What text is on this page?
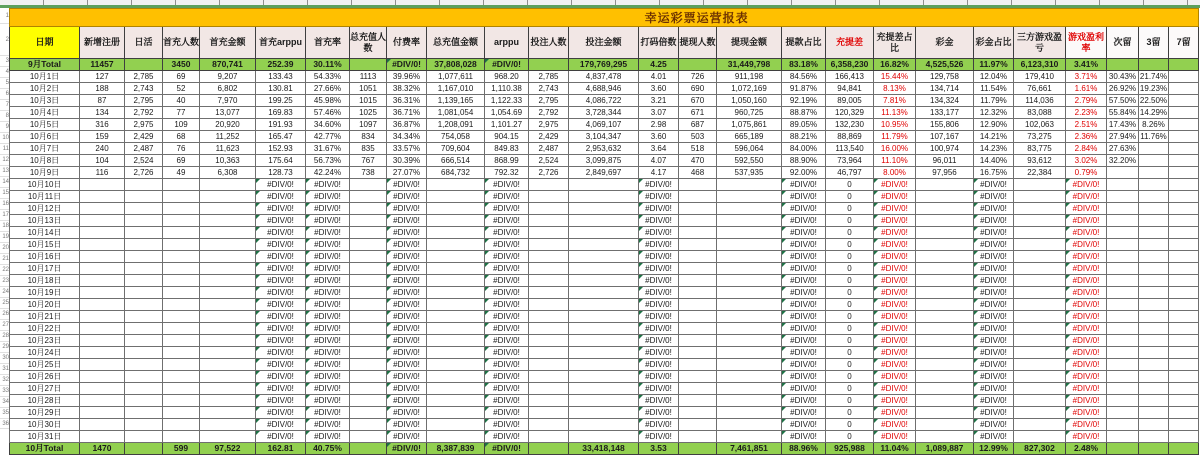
1
2
3
4
5
6
7
8
9
10
11
12
13
14
15
16
17
18
19
20
21
22
23
24
25
26
27
28
29
30
31
32
33
34
35
36
幸运彩票运营报表																									
日期	新增注册	日活	首充人数	首充金额	首充arppu	首充率	总充值人数	付费率	总充值金额	arppu	投注人数	投注金额	打码倍数	提现人数	提现金额	提款占比	充提差	充提差占比	彩金	彩金占比	三方游戏盈亏	游戏盈利率	次留	3留	7留
9月Total	11457		3450	870,741	252.39	30.11%		#DIV/0!	37,808,028	#DIV/0!		179,769,295	4.25		31,449,798	83.18%	6,358,230	16.82%	4,525,526	11.97%	6,123,310	3.41%			
10月1日	127	2,785	69	9,207	133.43	54.33%	1113	39.96%	1,077,611	968.20	2,785	4,837,478	4.01	726	911,198	84.56%	166,413	15.44%	129,758	12.04%	179,410	3.71%	30.43%	21.74%	
10月2日	188	2,743	52	6,802	130.81	27.66%	1051	38.32%	1,167,010	1,110.38	2,743	4,688,946	3.60	690	1,072,169	91.87%	94,841	8.13%	134,714	11.54%	76,661	1.61%	26.92%	19.23%	
10月3日	87	2,795	40	7,970	199.25	45.98%	1015	36.31%	1,139,165	1,122.33	2,795	4,086,722	3.21	670	1,050,160	92.19%	89,005	7.81%	134,324	11.79%	114,036	2.79%	57.50%	22.50%	
10月4日	134	2,792	77	13,077	169.83	57.46%	1025	36.71%	1,081,054	1,054.69	2,792	3,728,344	3.07	671	960,725	88.87%	120,329	11.13%	133,177	12.32%	83,088	2.23%	55.84%	14.29%	
10月5日	316	2,975	109	20,920	191.93	34.60%	1097	36.87%	1,208,091	1,101.27	2,975	4,069,107	2.98	687	1,075,861	89.05%	132,230	10.95%	155,806	12.90%	102,063	2.51%	17.43%	8.26%	
10月6日	159	2,429	68	11,252	165.47	42.77%	834	34.34%	754,058	904.15	2,429	3,104,347	3.60	503	665,189	88.21%	88,869	11.79%	107,167	14.21%	73,275	2.36%	27.94%	11.76%	
10月7日	240	2,487	76	11,623	152.93	31.67%	835	33.57%	709,604	849.83	2,487	2,953,632	3.64	518	596,064	84.00%	113,540	16.00%	100,974	14.23%	83,775	2.84%	27.63%		
10月8日	104	2,524	69	10,363	175.64	56.73%	767	30.39%	666,514	868.99	2,524	3,099,875	4.07	470	592,550	88.90%	73,964	11.10%	96,011	14.40%	93,612	3.02%	32.20%		
10月9日	116	2,726	49	6,308	128.73	42.24%	738	27.07%	684,732	792.32	2,726	2,849,697	4.17	468	537,935	92.00%	46,797	8.00%	97,956	16.75%	22,384	0.79%			
10月10日					#DIV/0!	#DIV/0!		#DIV/0!		#DIV/0!			#DIV/0!			#DIV/0!	0	#DIV/0!		#DIV/0!		#DIV/0!			
10月11日					#DIV/0!	#DIV/0!		#DIV/0!		#DIV/0!			#DIV/0!			#DIV/0!	0	#DIV/0!		#DIV/0!		#DIV/0!			
10月12日					#DIV/0!	#DIV/0!		#DIV/0!		#DIV/0!			#DIV/0!			#DIV/0!	0	#DIV/0!		#DIV/0!		#DIV/0!			
10月13日					#DIV/0!	#DIV/0!		#DIV/0!		#DIV/0!			#DIV/0!			#DIV/0!	0	#DIV/0!		#DIV/0!		#DIV/0!			
10月14日					#DIV/0!	#DIV/0!		#DIV/0!		#DIV/0!			#DIV/0!			#DIV/0!	0	#DIV/0!		#DIV/0!		#DIV/0!			
10月15日					#DIV/0!	#DIV/0!		#DIV/0!		#DIV/0!			#DIV/0!			#DIV/0!	0	#DIV/0!		#DIV/0!		#DIV/0!			
10月16日					#DIV/0!	#DIV/0!		#DIV/0!		#DIV/0!			#DIV/0!			#DIV/0!	0	#DIV/0!		#DIV/0!		#DIV/0!			
10月17日					#DIV/0!	#DIV/0!		#DIV/0!		#DIV/0!			#DIV/0!			#DIV/0!	0	#DIV/0!		#DIV/0!		#DIV/0!			
10月18日					#DIV/0!	#DIV/0!		#DIV/0!		#DIV/0!			#DIV/0!			#DIV/0!	0	#DIV/0!		#DIV/0!		#DIV/0!			
10月19日					#DIV/0!	#DIV/0!		#DIV/0!		#DIV/0!			#DIV/0!			#DIV/0!	0	#DIV/0!		#DIV/0!		#DIV/0!			
10月20日					#DIV/0!	#DIV/0!		#DIV/0!		#DIV/0!			#DIV/0!			#DIV/0!	0	#DIV/0!		#DIV/0!		#DIV/0!			
10月21日					#DIV/0!	#DIV/0!		#DIV/0!		#DIV/0!			#DIV/0!			#DIV/0!	0	#DIV/0!		#DIV/0!		#DIV/0!			
10月22日					#DIV/0!	#DIV/0!		#DIV/0!		#DIV/0!			#DIV/0!			#DIV/0!	0	#DIV/0!		#DIV/0!		#DIV/0!			
10月23日					#DIV/0!	#DIV/0!		#DIV/0!		#DIV/0!			#DIV/0!			#DIV/0!	0	#DIV/0!		#DIV/0!		#DIV/0!			
10月24日					#DIV/0!	#DIV/0!		#DIV/0!		#DIV/0!			#DIV/0!			#DIV/0!	0	#DIV/0!		#DIV/0!		#DIV/0!			
10月25日					#DIV/0!	#DIV/0!		#DIV/0!		#DIV/0!			#DIV/0!			#DIV/0!	0	#DIV/0!		#DIV/0!		#DIV/0!			
10月26日					#DIV/0!	#DIV/0!		#DIV/0!		#DIV/0!			#DIV/0!			#DIV/0!	0	#DIV/0!		#DIV/0!		#DIV/0!			
10月27日					#DIV/0!	#DIV/0!		#DIV/0!		#DIV/0!			#DIV/0!			#DIV/0!	0	#DIV/0!		#DIV/0!		#DIV/0!			
10月28日					#DIV/0!	#DIV/0!		#DIV/0!		#DIV/0!			#DIV/0!			#DIV/0!	0	#DIV/0!		#DIV/0!		#DIV/0!			
10月29日					#DIV/0!	#DIV/0!		#DIV/0!		#DIV/0!			#DIV/0!			#DIV/0!	0	#DIV/0!		#DIV/0!		#DIV/0!			
10月30日					#DIV/0!	#DIV/0!		#DIV/0!		#DIV/0!			#DIV/0!			#DIV/0!	0	#DIV/0!		#DIV/0!		#DIV/0!			
10月31日					#DIV/0!	#DIV/0!		#DIV/0!		#DIV/0!			#DIV/0!			#DIV/0!	0	#DIV/0!		#DIV/0!		#DIV/0!			
10月Total	1470		599	97,522	162.81	40.75%		#DIV/0!	8,387,839	#DIV/0!		33,418,148	3.53		7,461,851	88.96%	925,988	11.04%	1,089,887	12.99%	827,302	2.48%			
